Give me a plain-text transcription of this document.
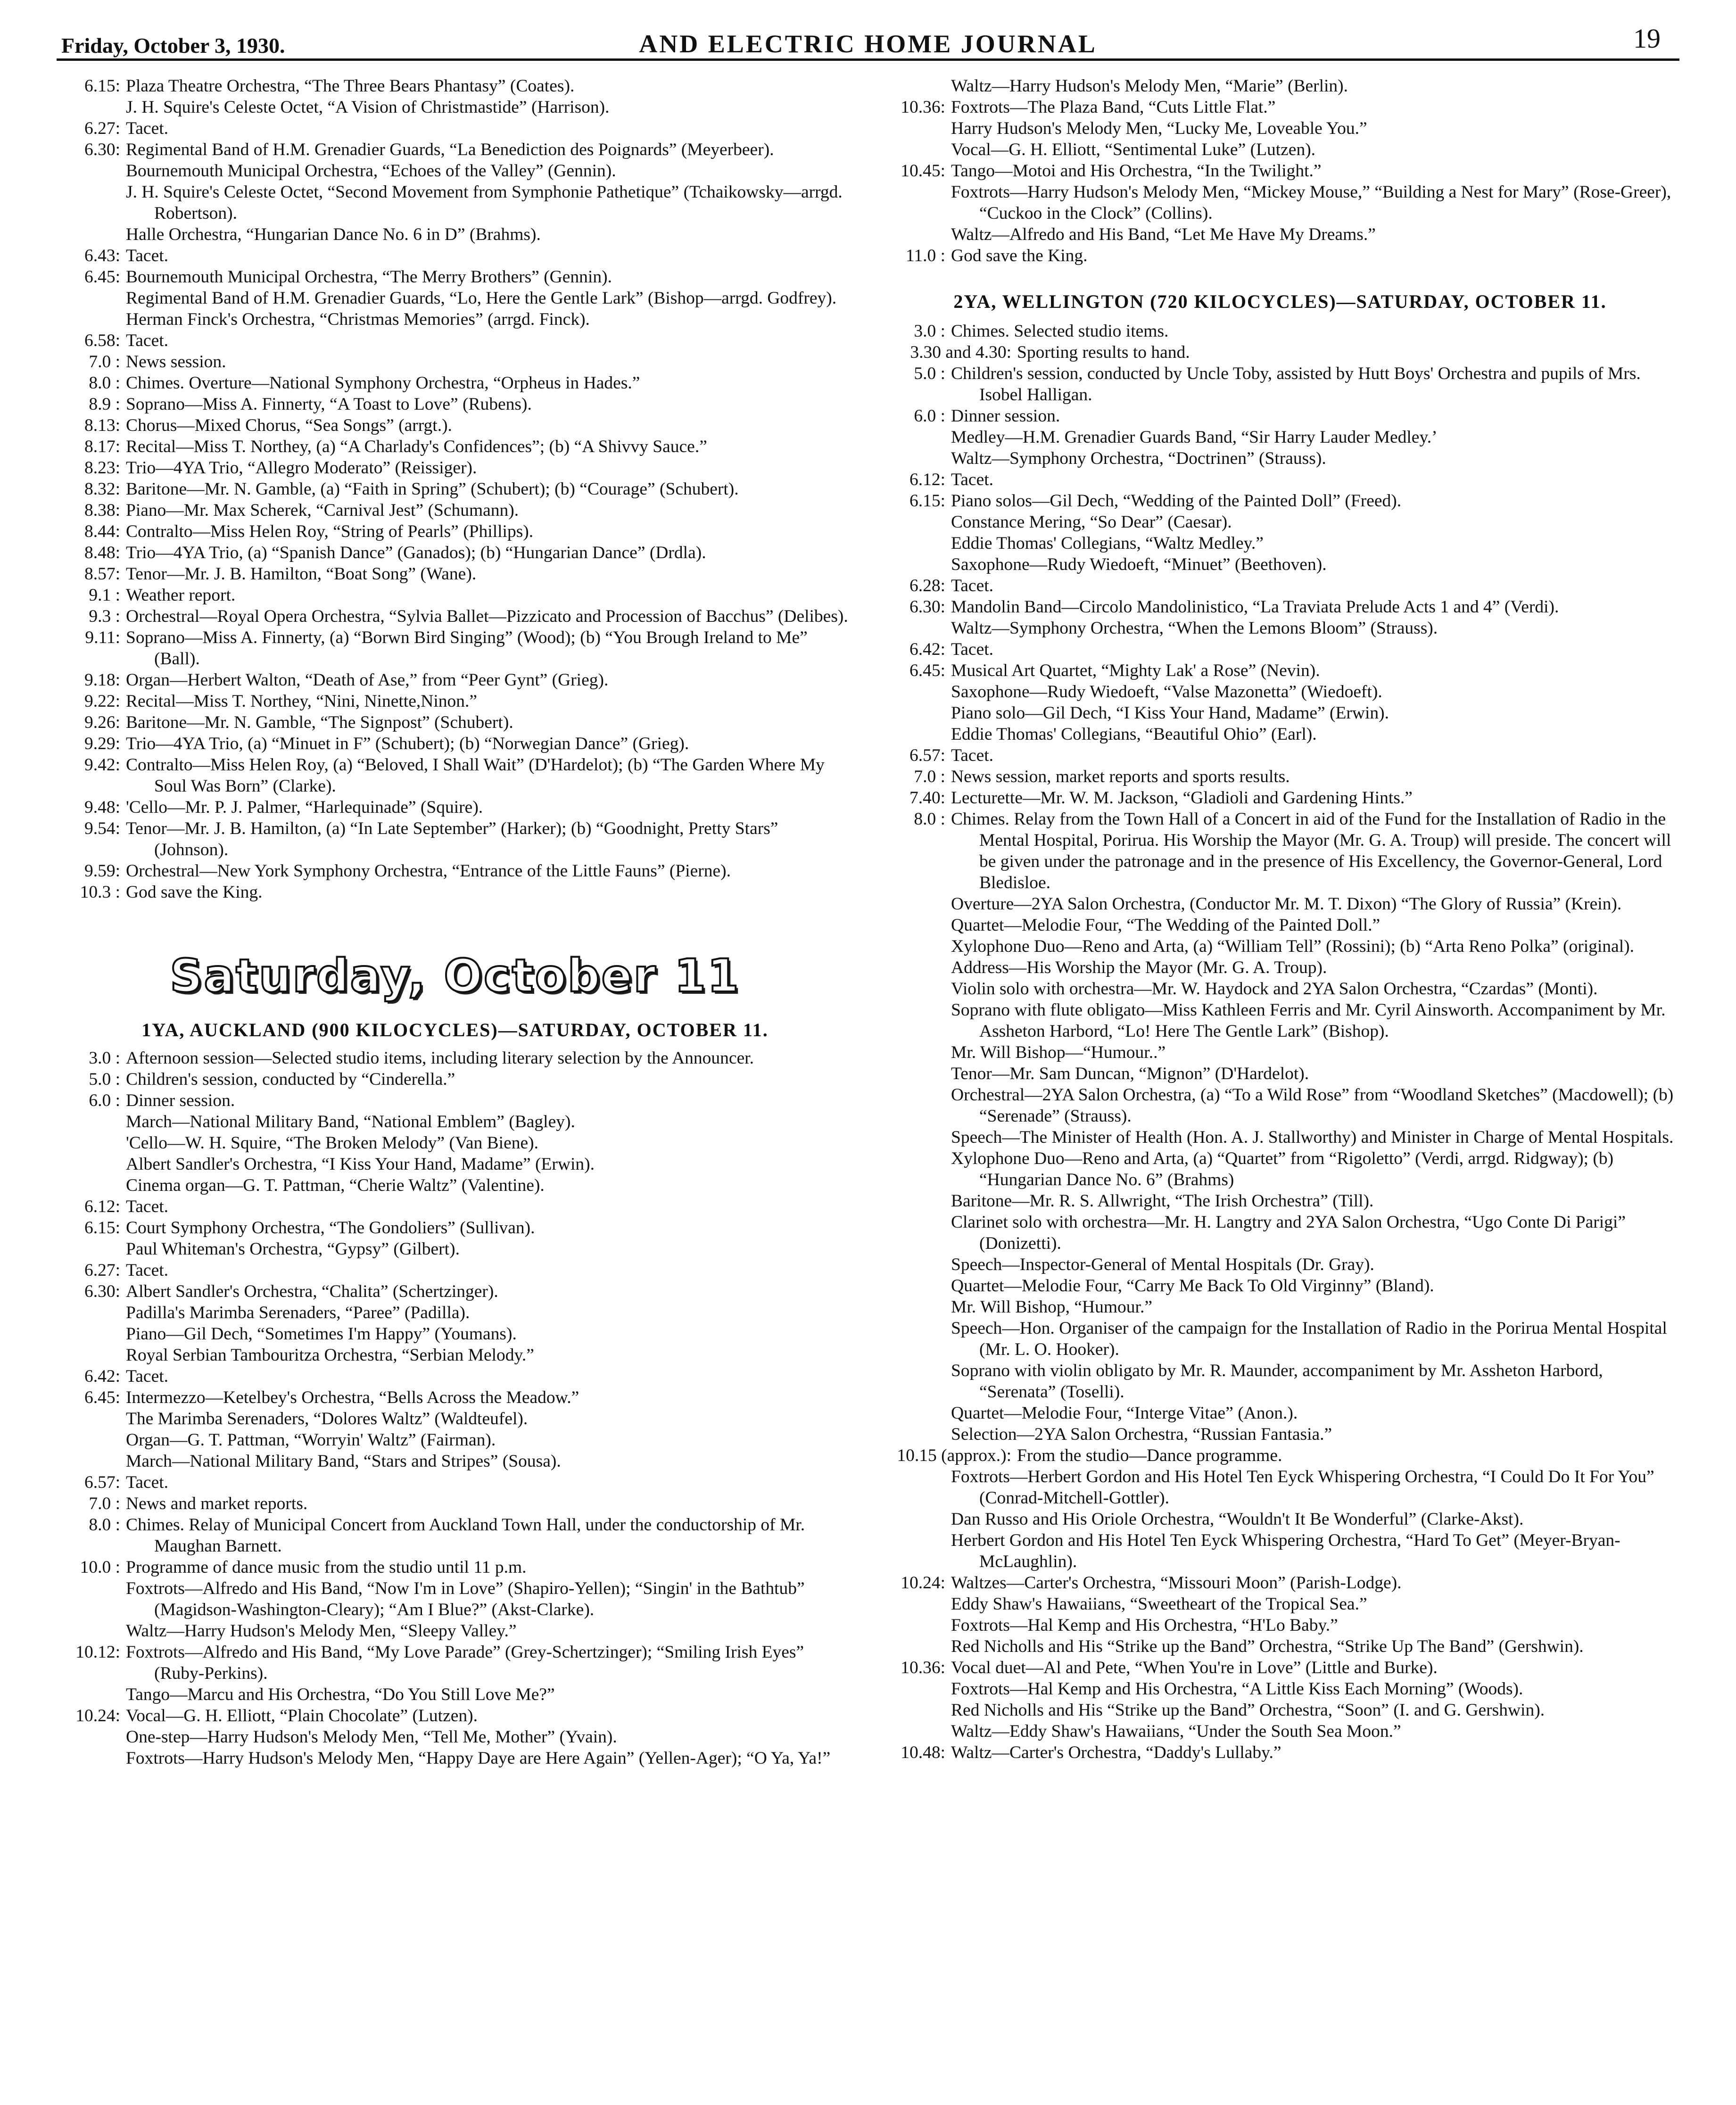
Friday, October 3, 1930.	AND ELECTRIC HOME JOURNAL	19
6.15: Plaza Theatre Orchestra, “The Three Bears Phantasy” (Coates).
J. H. Squire's Celeste Octet, “A Vision of Christmastide” (Harrison).
6.27: Tacet.
6.30: Regimental Band of H.M. Grenadier Guards, “La Benediction des Poignards” (Meyerbeer).
Bournemouth Municipal Orchestra, “Echoes of the Valley” (Gennin).
J. H. Squire's Celeste Octet, “Second Movement from Symphonie Pathetique” (Tchaikowsky—arrgd. Robertson).
Halle Orchestra, “Hungarian Dance No. 6 in D” (Brahms).
6.43: Tacet.
6.45: Bournemouth Municipal Orchestra, “The Merry Brothers” (Gennin).
Regimental Band of H.M. Grenadier Guards, “Lo, Here the Gentle Lark” (Bishop—arrgd. Godfrey).
Herman Finck's Orchestra, “Christmas Memories” (arrgd. Finck).
6.58: Tacet.
7.0 : News session.
8.0 : Chimes. Overture—National Symphony Orchestra, “Orpheus in Hades.”
8.9 : Soprano—Miss A. Finnerty, “A Toast to Love” (Rubens).
8.13: Chorus—Mixed Chorus, “Sea Songs” (arrgt.).
8.17: Recital—Miss T. Northey, (a) “A Charlady's Confidences”; (b) “A Shivvy Sauce.”
8.23: Trio—4YA Trio, “Allegro Moderato” (Reissiger).
8.32: Baritone—Mr. N. Gamble, (a) “Faith in Spring” (Schubert); (b) “Courage” (Schubert).
8.38: Piano—Mr. Max Scherek, “Carnival Jest” (Schumann).
8.44: Contralto—Miss Helen Roy, “String of Pearls” (Phillips).
8.48: Trio—4YA Trio, (a) “Spanish Dance” (Ganados); (b) “Hungarian Dance” (Drdla).
8.57: Tenor—Mr. J. B. Hamilton, “Boat Song” (Wane).
9.1 : Weather report.
9.3 : Orchestral—Royal Opera Orchestra, “Sylvia Ballet—Pizzicato and Procession of Bacchus” (Delibes).
9.11: Soprano—Miss A. Finnerty, (a) “Borwn Bird Singing” (Wood); (b) “You Brough Ireland to Me” (Ball).
9.18: Organ—Herbert Walton, “Death of Ase,” from “Peer Gynt” (Grieg).
9.22: Recital—Miss T. Northey, “Nini, Ninette,Ninon.”
9.26: Baritone—Mr. N. Gamble, “The Signpost” (Schubert).
9.29: Trio—4YA Trio, (a) “Minuet in F” (Schubert); (b) “Norwegian Dance” (Grieg).
9.42: Contralto—Miss Helen Roy, (a) “Beloved, I Shall Wait” (D'Hardelot); (b) “The Garden Where My Soul Was Born” (Clarke).
9.48: 'Cello—Mr. P. J. Palmer, “Harlequinade” (Squire).
9.54: Tenor—Mr. J. B. Hamilton, (a) “In Late September” (Harker); (b) “Goodnight, Pretty Stars” (Johnson).
9.59: Orchestral—New York Symphony Orchestra, “Entrance of the Little Fauns” (Pierne).
10.3 : God save the King.
Saturday, October 11
1YA, AUCKLAND (900 KILOCYCLES)—SATURDAY, OCTOBER 11.
3.0 : Afternoon session—Selected studio items, including literary selection by the Announcer.
5.0 : Children's session, conducted by “Cinderella.”
6.0 : Dinner session.
March—National Military Band, “National Emblem” (Bagley).
'Cello—W. H. Squire, “The Broken Melody” (Van Biene).
Albert Sandler's Orchestra, “I Kiss Your Hand, Madame” (Erwin).
Cinema organ—G. T. Pattman, “Cherie Waltz” (Valentine).
6.12: Tacet.
6.15: Court Symphony Orchestra, “The Gondoliers” (Sullivan).
Paul Whiteman's Orchestra, “Gypsy” (Gilbert).
6.27: Tacet.
6.30: Albert Sandler's Orchestra, “Chalita” (Schertzinger).
Padilla's Marimba Serenaders, “Paree” (Padilla).
Piano—Gil Dech, “Sometimes I'm Happy” (Youmans).
Royal Serbian Tambouritza Orchestra, “Serbian Melody.”
6.42: Tacet.
6.45: Intermezzo—Ketelbey's Orchestra, “Bells Across the Meadow.”
The Marimba Serenaders, “Dolores Waltz” (Waldteufel).
Organ—G. T. Pattman, “Worryin' Waltz” (Fairman).
March—National Military Band, “Stars and Stripes” (Sousa).
6.57: Tacet.
7.0 : News and market reports.
8.0 : Chimes. Relay of Municipal Concert from Auckland Town Hall, under the conductorship of Mr. Maughan Barnett.
10.0 : Programme of dance music from the studio until 11 p.m.
Foxtrots—Alfredo and His Band, “Now I'm in Love” (Shapiro-Yellen); “Singin' in the Bathtub” (Magidson-Washington-Cleary); “Am I Blue?” (Akst-Clarke).
Waltz—Harry Hudson's Melody Men, “Sleepy Valley.”
10.12: Foxtrots—Alfredo and His Band, “My Love Parade” (Grey-Schertzinger); “Smiling Irish Eyes” (Ruby-Perkins).
Tango—Marcu and His Orchestra, “Do You Still Love Me?”
10.24: Vocal—G. H. Elliott, “Plain Chocolate” (Lutzen).
One-step—Harry Hudson's Melody Men, “Tell Me, Mother” (Yvain).
Foxtrots—Harry Hudson's Melody Men, “Happy Daye are Here Again” (Yellen-Ager); “O Ya, Ya!”
Waltz—Harry Hudson's Melody Men, “Marie” (Berlin).
10.36: Foxtrots—The Plaza Band, “Cuts Little Flat.”
Harry Hudson's Melody Men, “Lucky Me, Loveable You.”
Vocal—G. H. Elliott, “Sentimental Luke” (Lutzen).
10.45: Tango—Motoi and His Orchestra, “In the Twilight.”
Foxtrots—Harry Hudson's Melody Men, “Mickey Mouse,” “Building a Nest for Mary” (Rose-Greer), “Cuckoo in the Clock” (Collins).
Waltz—Alfredo and His Band, “Let Me Have My Dreams.”
11.0 : God save the King.
2YA, WELLINGTON (720 KILOCYCLES)—SATURDAY, OCTOBER 11.
3.0 : Chimes. Selected studio items.
3.30 and 4.30: Sporting results to hand.
5.0 : Children's session, conducted by Uncle Toby, assisted by Hutt Boys' Orchestra and pupils of Mrs. Isobel Halligan.
6.0 : Dinner session.
Medley—H.M. Grenadier Guards Band, “Sir Harry Lauder Medley.’
Waltz—Symphony Orchestra, “Doctrinen” (Strauss).
6.12: Tacet.
6.15: Piano solos—Gil Dech, “Wedding of the Painted Doll” (Freed).
Constance Mering, “So Dear” (Caesar).
Eddie Thomas' Collegians, “Waltz Medley.”
Saxophone—Rudy Wiedoeft, “Minuet” (Beethoven).
6.28: Tacet.
6.30: Mandolin Band—Circolo Mandolinistico, “La Traviata Prelude Acts 1 and 4” (Verdi).
Waltz—Symphony Orchestra, “When the Lemons Bloom” (Strauss).
6.42: Tacet.
6.45: Musical Art Quartet, “Mighty Lak' a Rose” (Nevin).
Saxophone—Rudy Wiedoeft, “Valse Mazonetta” (Wiedoeft).
Piano solo—Gil Dech, “I Kiss Your Hand, Madame” (Erwin).
Eddie Thomas' Collegians, “Beautiful Ohio” (Earl).
6.57: Tacet.
7.0 : News session, market reports and sports results.
7.40: Lecturette—Mr. W. M. Jackson, “Gladioli and Gardening Hints.”
8.0 : Chimes. Relay from the Town Hall of a Concert in aid of the Fund for the Installation of Radio in the Mental Hospital, Porirua. His Worship the Mayor (Mr. G. A. Troup) will preside. The concert will be given under the patronage and in the presence of His Excellency, the Governor-General, Lord Bledisloe.
Overture—2YA Salon Orchestra, (Conductor Mr. M. T. Dixon) “The Glory of Russia” (Krein).
Quartet—Melodie Four, “The Wedding of the Painted Doll.”
Xylophone Duo—Reno and Arta, (a) “William Tell” (Rossini); (b) “Arta Reno Polka” (original).
Address—His Worship the Mayor (Mr. G. A. Troup).
Violin solo with orchestra—Mr. W. Haydock and 2YA Salon Orchestra, “Czardas” (Monti).
Soprano with flute obligato—Miss Kathleen Ferris and Mr. Cyril Ainsworth. Accompaniment by Mr. Assheton Harbord, “Lo! Here The Gentle Lark” (Bishop).
Mr. Will Bishop—“Humour..”
Tenor—Mr. Sam Duncan, “Mignon” (D'Hardelot).
Orchestral—2YA Salon Orchestra, (a) “To a Wild Rose” from “Woodland Sketches” (Macdowell); (b) “Serenade” (Strauss).
Speech—The Minister of Health (Hon. A. J. Stallworthy) and Minister in Charge of Mental Hospitals.
Xylophone Duo—Reno and Arta, (a) “Quartet” from “Rigoletto” (Verdi, arrgd. Ridgway); (b) “Hungarian Dance No. 6” (Brahms)
Baritone—Mr. R. S. Allwright, “The Irish Orchestra” (Till).
Clarinet solo with orchestra—Mr. H. Langtry and 2YA Salon Orchestra, “Ugo Conte Di Parigi” (Donizetti).
Speech—Inspector-General of Mental Hospitals (Dr. Gray).
Quartet—Melodie Four, “Carry Me Back To Old Virginny” (Bland).
Mr. Will Bishop, “Humour.”
Speech—Hon. Organiser of the campaign for the Installation of Radio in the Porirua Mental Hospital (Mr. L. O. Hooker).
Soprano with violin obligato by Mr. R. Maunder, accompaniment by Mr. Assheton Harbord, “Serenata” (Toselli).
Quartet—Melodie Four, “Interge Vitae” (Anon.).
Selection—2YA Salon Orchestra, “Russian Fantasia.”
10.15 (approx.): From the studio—Dance programme.
Foxtrots—Herbert Gordon and His Hotel Ten Eyck Whispering Orchestra, “I Could Do It For You” (Conrad-Mitchell-Gottler).
Dan Russo and His Oriole Orchestra, “Wouldn't It Be Wonderful” (Clarke-Akst).
Herbert Gordon and His Hotel Ten Eyck Whispering Orchestra, “Hard To Get” (Meyer-Bryan-McLaughlin).
10.24: Waltzes—Carter's Orchestra, “Missouri Moon” (Parish-Lodge).
Eddy Shaw's Hawaiians, “Sweetheart of the Tropical Sea.”
Foxtrots—Hal Kemp and His Orchestra, “H'Lo Baby.”
Red Nicholls and His “Strike up the Band” Orchestra, “Strike Up The Band” (Gershwin).
10.36: Vocal duet—Al and Pete, “When You're in Love” (Little and Burke).
Foxtrots—Hal Kemp and His Orchestra, “A Little Kiss Each Morning” (Woods).
Red Nicholls and His “Strike up the Band” Orchestra, “Soon” (I. and G. Gershwin).
Waltz—Eddy Shaw's Hawaiians, “Under the South Sea Moon.”
10.48: Waltz—Carter's Orchestra, “Daddy's Lullaby.”
